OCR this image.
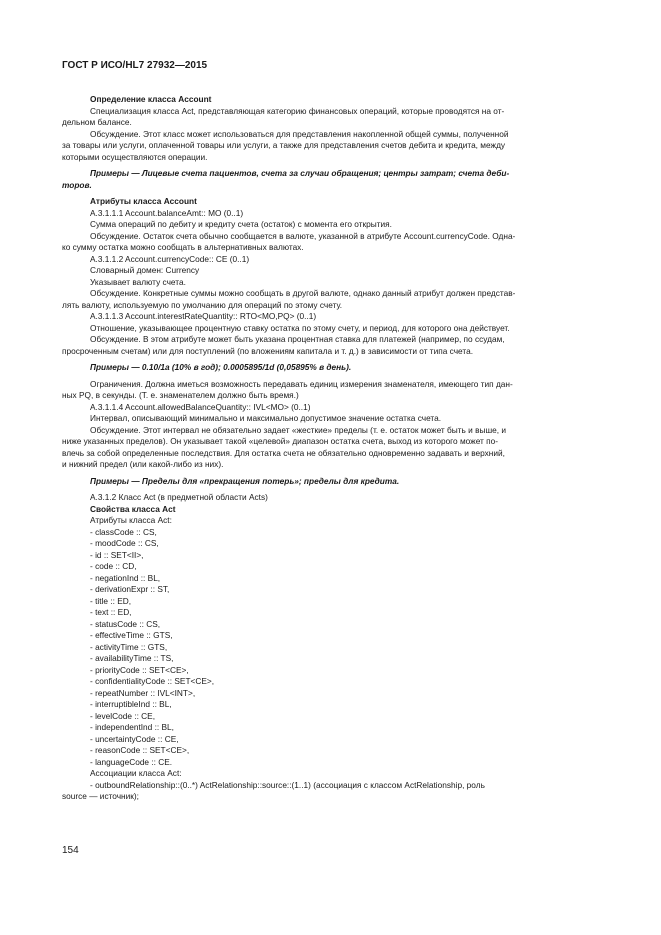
ГОСТ Р ИСО/HL7 27932—2015
Определение класса Account
Специализация класса Act, представляющая категорию финансовых операций, которые проводятся на от-
дельном балансе.
Обсуждение. Этот класс может использоваться для представления накопленной общей суммы, полученной
за товары или услуги, оплаченной товары или услуги, а также для представления счетов дебита и кредита, между
которыми осуществляются операции.
Примеры — Лицевые счета пациентов, счета за случаи обращения; центры затрат; счета деби-
торов.
Атрибуты класса Account
A.3.1.1.1 Account.balanceAmt:: MO (0..1)
Сумма операций по дебиту и кредиту счета (остаток) с момента его открытия.
Обсуждение. Остаток счета обычно сообщается в валюте, указанной в атрибуте Account.currencyCode. Одна-
ко сумму остатка можно сообщать в альтернативных валютах.
A.3.1.1.2 Account.currencyCode:: CE (0..1)
Словарный домен: Currency
Указывает валюту счета.
Обсуждение. Конкретные суммы можно сообщать в другой валюте, однако данный атрибут должен представ-
лять валюту, используемую по умолчанию для операций по этому счету.
A.3.1.1.3 Account.interestRateQuantity:: RTO<MO,PQ> (0..1)
Отношение, указывающее процентную ставку остатка по этому счету, и период, для которого она действует.
Обсуждение. В этом атрибуте может быть указана процентная ставка для платежей (например, по ссудам,
просроченным счетам) или для поступлений (по вложениям капитала и т. д.) в зависимости от типа счета.
Примеры — 0.10/1a (10% в год); 0.0005895/1d (0,05895% в день).
Ограничения. Должна иметься возможность передавать единиц измерения знаменателя, имеющего тип дан-
ных PQ, в секунды. (Т. е. знаменателем должно быть время.)
A.3.1.1.4 Account.allowedBalanceQuantity:: IVL<MO> (0..1)
Интервал, описывающий минимально и максимально допустимое значение остатка счета.
Обсуждение. Этот интервал не обязательно задает «жесткие» пределы (т. е. остаток может быть и выше, и
ниже указанных пределов). Он указывает такой «целевой» диапазон остатка счета, выход из которого может по-
влечь за собой определенные последствия. Для остатка счета не обязательно одновременно задавать и верхний,
и нижний предел (или какой-либо из них).
Примеры — Пределы для «прекращения потерь»; пределы для кредита.
A.3.1.2 Класс Act (в предметной области Acts)
Свойства класса Act
Атрибуты класса Act:
- classCode :: CS,
- moodCode :: CS,
- id :: SET<II>,
- code :: CD,
- negationInd :: BL,
- derivationExpr :: ST,
- title :: ED,
- text :: ED,
- statusCode :: CS,
- effectiveTime :: GTS,
- activityTime :: GTS,
- availabilityTime :: TS,
- priorityCode :: SET<CE>,
- confidentialityCode :: SET<CE>,
- repeatNumber :: IVL<INT>,
- interruptibleInd :: BL,
- levelCode :: CE,
- independentInd :: BL,
- uncertaintyCode :: CE,
- reasonCode :: SET<CE>,
- languageCode :: CE.
Ассоциации класса Act:
- outboundRelationship::(0..*) ActRelationship::source::(1..1) (ассоциация с классом ActRelationship, роль
source — источник);
154
